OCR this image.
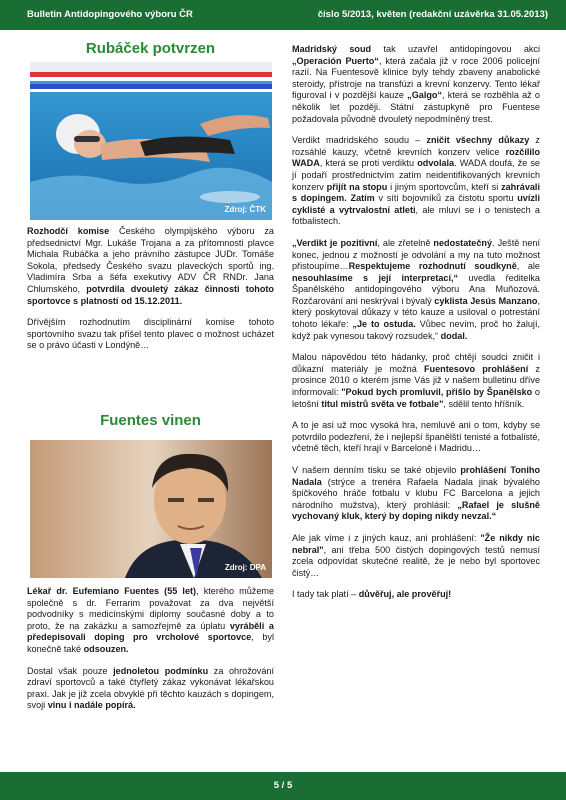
Bulletin Antidopingového výboru ČR	číslo 5/2013, květen (redakční uzávěrka 31.05.2013)
Rubáček potvrzen
Zdroj: ČTK

Rozhodčí komise Českého olympijského výboru za předsednictví Mgr. Lukáše Trojana a za přítomnosti plavce Michala Rubáčka a jeho právního zástupce JUDr. Tomáše Sokola, předsedy Českého svazu plaveckých sportů ing. Vladimíra Srba a šéfa exekutivy ADV ČR RNDr. Jana Chlumského, potvrdila dvouletý zákaz činnosti tohoto sportovce s platností od 15.12.2011.

Dřívějším rozhodnutím disciplinární komise tohoto sportovního svazu tak přišel tento plavec o možnost ucházet se o právo účasti v Londýně…

Fuentes vinen
Zdroj: DPA

Lékař dr. Eufemiano Fuentes (55 let), kterého můžeme společně s dr. Ferrarim považovat za dva největší podvodníky s medicínskými diplomy současné doby a to proto, že na zakázku a samozřejmě za úplatu vyráběli a předepisovali doping pro vrcholové sportovce, byl konečně také odsouzen.

Dostal však pouze jednoletou podmínku za ohrožování zdraví sportovců a také čtyřletý zákaz vykonávat lékařskou praxi. Jak je již zcela obvyklé při těchto kauzách s dopingem, svoji vinu i nadále popírá.

Madridský soud tak uzavřel antidopingovou akci „Operación Puerto“, která začala již v roce 2006 policejní razií. Na Fuentesově klinice byly tehdy zbaveny anabolické steroidy, přístroje na transfúzi a krevní konzervy. Tento lékař figuroval i v pozdější kauze „Galgo“, která se rozběhla až o několik let později. Státní zástupkyně pro Fuentese požadovala původně dvouletý nepodmíněný trest.

Verdikt madridského soudu – zničit všechny důkazy z rozsáhlé kauzy, včetně krevních konzerv velice rozčílilo WADA, která se proti verdiktu odvolala. WADA doufá, že se jí podaří prostřednictvím zatím neidentifikovaných krevních konzerv přijít na stopu i jiným sportovcům, kteří si zahrávali s dopingem. Zatím v síti bojovníků za čistotu sportu uvízli cyklisté a vytrvalostní atleti, ale mluví se i o tenistech a fotbalistech.

„Verdikt je pozitivní, ale zřetelně nedostatečný. Ještě není konec, jednou z možností je odvolání a my na tuto možnost přistoupíme…Respektujeme rozhodnutí soudkyně, ale nesouhlasíme s její interpretací,“ uvedla ředitelka Španělského antidopingového výboru Ana Muñozová. Rozčarování ani neskrýval i bývalý cyklista Jesús Manzano, který poskytoval důkazy v této kauze a usiloval o potrestání tohoto lékaře: „Je to ostuda. Vůbec nevím, proč ho žalují, když pak vynesou takový rozsudek,“ dodal.

Malou nápovědou této hádanky, proč chtějí soudci zničit i důkazní materiály je možná Fuentesovo prohlášení z prosince 2010 o kterém jsme Vás již v našem bulletinu dříve informovali: "Pokud bych promluvil, přišlo by Španělsko o letošní titul mistrů světa ve fotbale", sdělil tento hříšník.

A to je asi už moc vysoká hra, nemluvě ani o tom, kdyby se potvrdilo podezření, že i nejlepší španělští tenisté a fotbalisté, včetně těch, kteří hrají v Barceloně i Madridu…

V našem denním tisku se také objevilo prohlášení Toniho Nadala (strýce a trenéra Rafaela Nadala jinak bývalého špičkového hráče fotbalu v klubu FC Barcelona a jejich národního mužstva), který prohlásil: „Rafael je slušně vychovaný kluk, který by doping nikdy nevzal.“

Ale jak víme i z jiných kauz, ani prohlášení: "Že nikdy nic nebral", ani třeba 500 čistých dopingových testů nemusí zcela odpovídat skutečné realitě, že je nebo byl sportovec čistý…

I tady tak platí – důvěřuj, ale prověřuj!

5 / 5
